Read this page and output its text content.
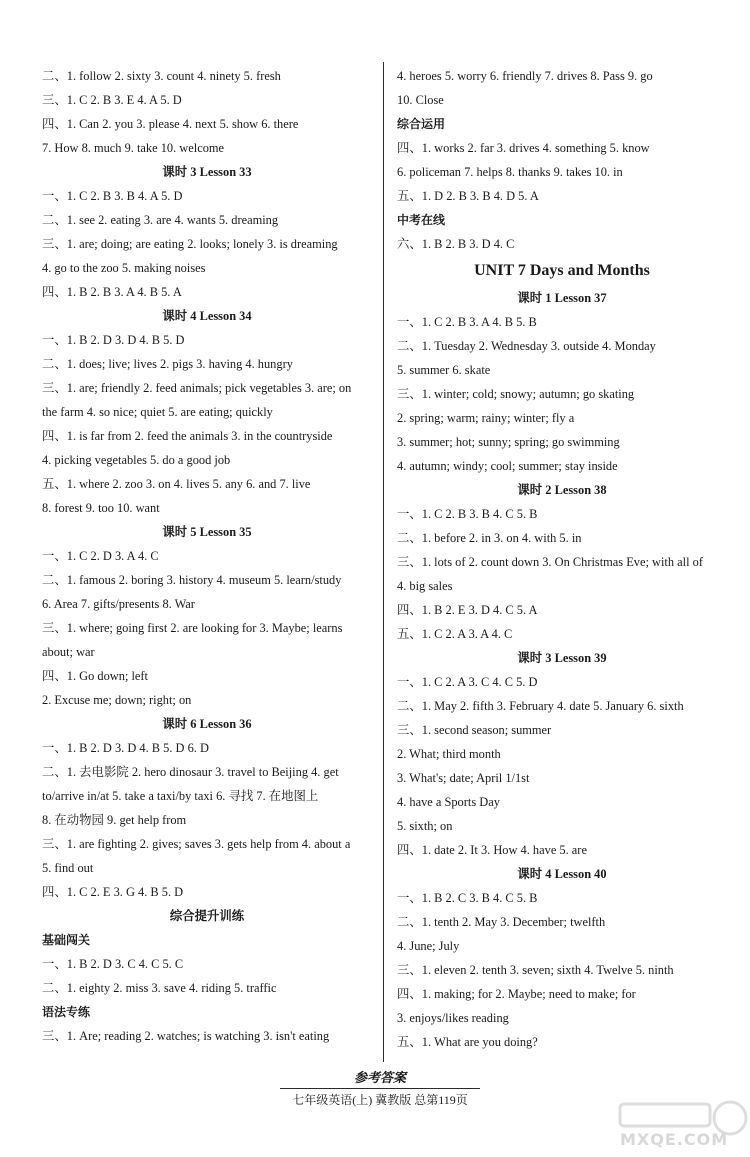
二、1. follow 2. sixty 3. count 4. ninety 5. fresh
三、1. C 2. B 3. E 4. A 5. D
四、1. Can 2. you 3. please 4. next 5. show 6. there
7. How 8. much 9. take 10. welcome
课时 3 Lesson 33
一、1. C 2. B 3. B 4. A 5. D
二、1. see 2. eating 3. are 4. wants 5. dreaming
三、1. are; doing; are eating 2. looks; lonely 3. is dreaming
4. go to the zoo 5. making noises
四、1. B 2. B 3. A 4. B 5. A
课时 4 Lesson 34
一、1. B 2. D 3. D 4. B 5. D
二、1. does; live; lives 2. pigs 3. having 4. hungry
三、1. are; friendly 2. feed animals; pick vegetables 3. are; on
the farm 4. so nice; quiet 5. are eating; quickly
四、1. is far from 2. feed the animals 3. in the countryside
4. picking vegetables 5. do a good job
五、1. where 2. zoo 3. on 4. lives 5. any 6. and 7. live
8. forest 9. too 10. want
课时 5 Lesson 35
一、1. C 2. D 3. A 4. C
二、1. famous 2. boring 3. history 4. museum 5. learn/study
6. Area 7. gifts/presents 8. War
三、1. where; going first 2. are looking for 3. Maybe; learns
about; war
四、1. Go down; left
2. Excuse me; down; right; on
课时 6 Lesson 36
一、1. B 2. D 3. D 4. B 5. D 6. D
二、1. 去电影院 2. hero dinosaur 3. travel to Beijing 4. get
to/arrive in/at 5. take a taxi/by taxi 6. 寻找 7. 在地图上
8. 在动物园 9. get help from
三、1. are fighting 2. gives; saves 3. gets help from 4. about a
5. find out
四、1. C 2. E 3. G 4. B 5. D
综合提升训练
基础闯关
一、1. B 2. D 3. C 4. C 5. C
二、1. eighty 2. miss 3. save 4. riding 5. traffic
语法专练
三、1. Are; reading 2. watches; is watching 3. isn't eating
4. heroes 5. worry 6. friendly 7. drives 8. Pass 9. go
10. Close
综合运用
四、1. works 2. far 3. drives 4. something 5. know
6. policeman 7. helps 8. thanks 9. takes 10. in
五、1. D 2. B 3. B 4. D 5. A
中考在线
六、1. B 2. B 3. D 4. C
UNIT 7 Days and Months
课时 1 Lesson 37
一、1. C 2. B 3. A 4. B 5. B
二、1. Tuesday 2. Wednesday 3. outside 4. Monday
5. summer 6. skate
三、1. winter; cold; snowy; autumn; go skating
2. spring; warm; rainy; winter; fly a
3. summer; hot; sunny; spring; go swimming
4. autumn; windy; cool; summer; stay inside
课时 2 Lesson 38
一、1. C 2. B 3. B 4. C 5. B
二、1. before 2. in 3. on 4. with 5. in
三、1. lots of 2. count down 3. On Christmas Eve; with all of
4. big sales
四、1. B 2. E 3. D 4. C 5. A
五、1. C 2. A 3. A 4. C
课时 3 Lesson 39
一、1. C 2. A 3. C 4. C 5. D
二、1. May 2. fifth 3. February 4. date 5. January 6. sixth
三、1. second season; summer
2. What; third month
3. What's; date; April 1/1st
4. have a Sports Day
5. sixth; on
四、1. date 2. It 3. How 4. have 5. are
课时 4 Lesson 40
一、1. B 2. C 3. B 4. C 5. B
二、1. tenth 2. May 3. December; twelfth
4. June; July
三、1. eleven 2. tenth 3. seven; sixth 4. Twelve 5. ninth
四、1. making; for 2. Maybe; need to make; for
3. enjoys/likes reading
五、1. What are you doing?
参考答案
七年级英语(上) 冀教版 总第119页
MXQE.COM
